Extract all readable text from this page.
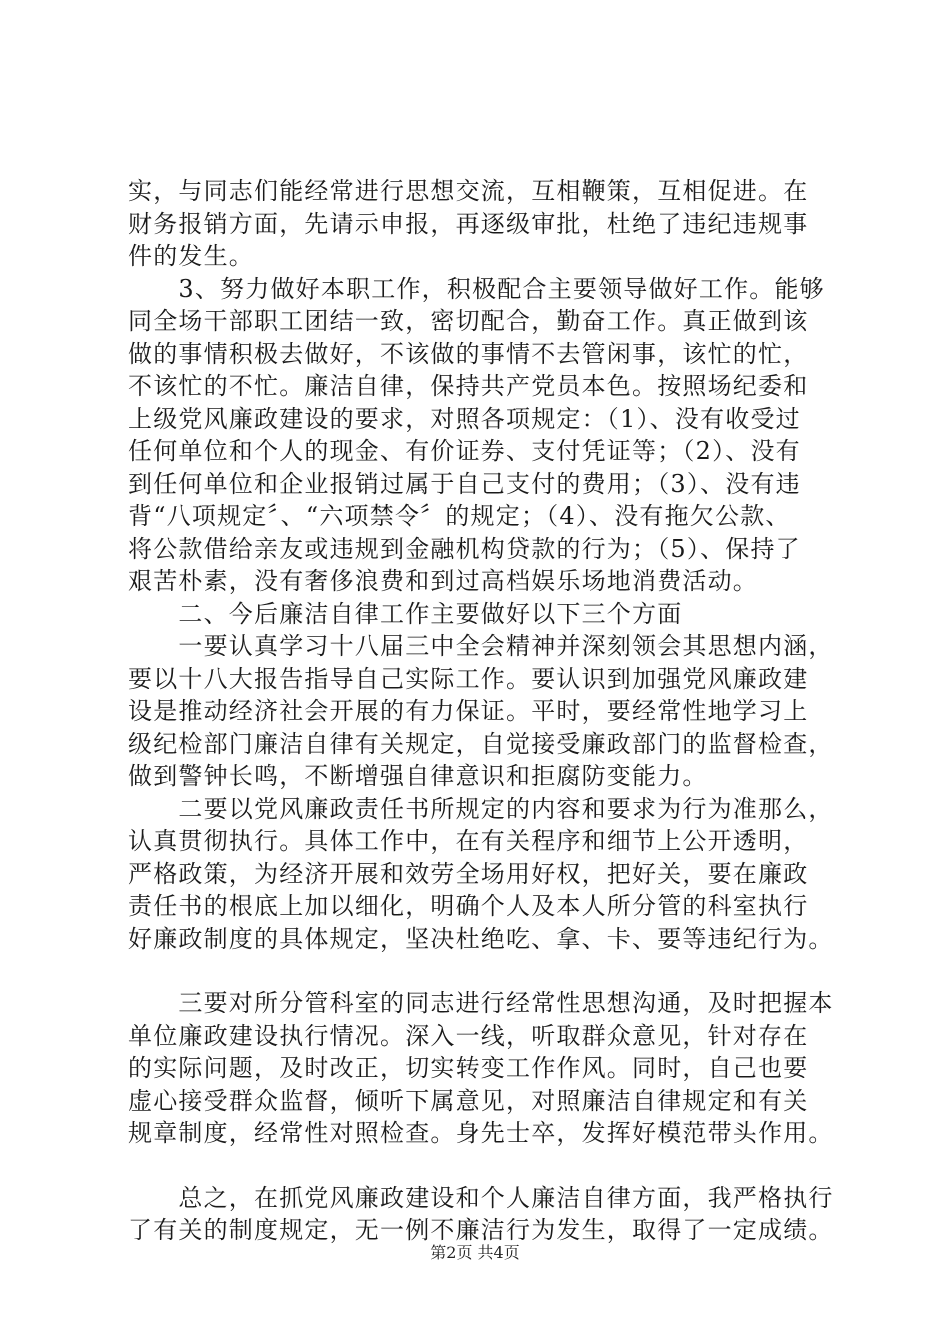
实，与同志们能经常进行思想交流，互相鞭策，互相促进。在
财务报销方面，先请示申报，再逐级审批，杜绝了违纪违规事
件的发生。
　　3、努力做好本职工作，积极配合主要领导做好工作。能够
同全场干部职工团结一致，密切配合，勤奋工作。真正做到该
做的事情积极去做好，不该做的事情不去管闲事，该忙的忙，
不该忙的不忙。廉洁自律，保持共产党员本色。按照场纪委和
上级党风廉政建设的要求，对照各项规定：（1）、没有收受过
任何单位和个人的现金、有价证券、支付凭证等；（2）、没有
到任何单位和企业报销过属于自己支付的费用；（3）、没有违
背“八项规定〞、“六项禁令〞的规定；（4）、没有拖欠公款、
将公款借给亲友或违规到金融机构贷款的行为；（5）、保持了
艰苦朴素，没有奢侈浪费和到过高档娱乐场地消费活动。
　　二、今后廉洁自律工作主要做好以下三个方面
　　一要认真学习十八届三中全会精神并深刻领会其思想内涵，
要以十八大报告指导自己实际工作。要认识到加强党风廉政建
设是推动经济社会开展的有力保证。平时，要经常性地学习上
级纪检部门廉洁自律有关规定，自觉接受廉政部门的监督检查，
做到警钟长鸣，不断增强自律意识和拒腐防变能力。
　　二要以党风廉政责任书所规定的内容和要求为行为准那么，
认真贯彻执行。具体工作中，在有关程序和细节上公开透明，
严格政策，为经济开展和效劳全场用好权，把好关，要在廉政
责任书的根底上加以细化，明确个人及本人所分管的科室执行
好廉政制度的具体规定，坚决杜绝吃、拿、卡、要等违纪行为。
　　三要对所分管科室的同志进行经常性思想沟通，及时把握本
单位廉政建设执行情况。深入一线，听取群众意见，针对存在
的实际问题，及时改正，切实转变工作作风。同时，自己也要
虚心接受群众监督，倾听下属意见，对照廉洁自律规定和有关
规章制度，经常性对照检查。身先士卒，发挥好模范带头作用。
　　总之，在抓党风廉政建设和个人廉洁自律方面，我严格执行
了有关的制度规定，无一例不廉洁行为发生，取得了一定成绩。
第2页 共4页
